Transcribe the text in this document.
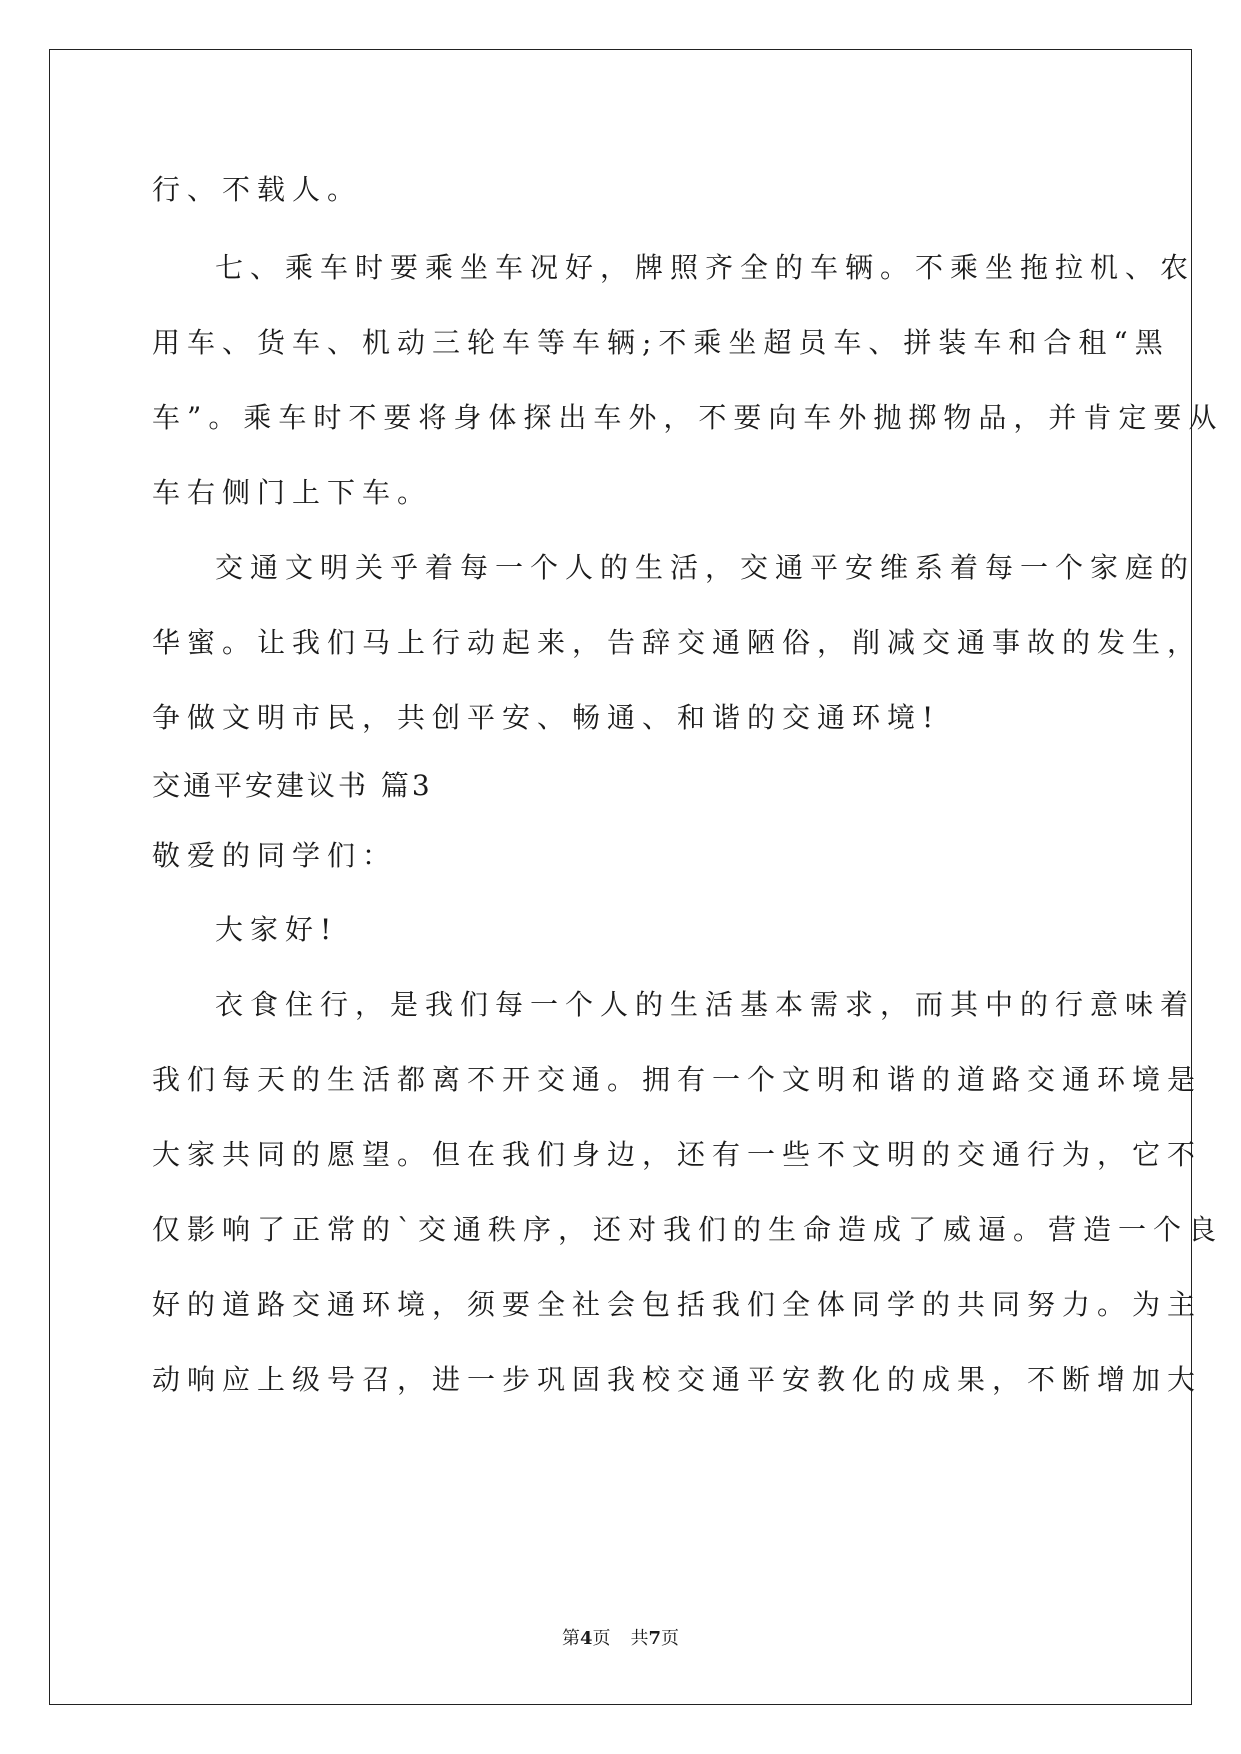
行、不载人。
七、乘车时要乘坐车况好，牌照齐全的车辆。不乘坐拖拉机、农
用车、货车、机动三轮车等车辆;不乘坐超员车、拼装车和合租“黑
车”。乘车时不要将身体探出车外，不要向车外抛掷物品，并肯定要从
车右侧门上下车。
交通文明关乎着每一个人的生活，交通平安维系着每一个家庭的
华蜜。让我们马上行动起来，告辞交通陋俗，削减交通事故的发生，
争做文明市民，共创平安、畅通、和谐的交通环境!
交通平安建议书 篇3
敬爱的同学们：
大家好!
衣食住行，是我们每一个人的生活基本需求，而其中的行意味着
我们每天的生活都离不开交通。拥有一个文明和谐的道路交通环境是
大家共同的愿望。但在我们身边，还有一些不文明的交通行为，它不
仅影响了正常的`交通秩序，还对我们的生命造成了威逼。营造一个良
好的道路交通环境，须要全社会包括我们全体同学的共同努力。为主
动响应上级号召，进一步巩固我校交通平安教化的成果，不断增加大
第4页 共7页
